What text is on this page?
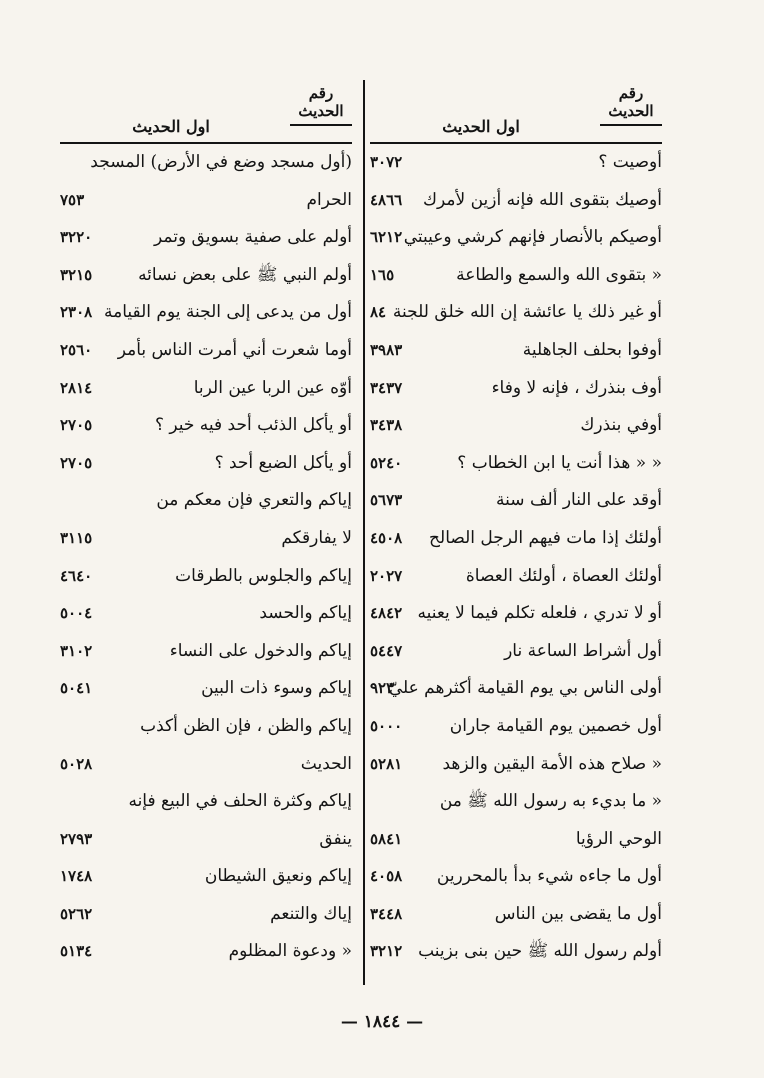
رقم
الحديث
اول الحديث
أوصيت ؟
٣٠٧٢
أوصيك بتقوى الله فإنه أزين لأمرك
٤٨٦٦
أوصيكم بالأنصار فإنهم كرشي وعيبتي
٦٢١٢
« بتقوى الله والسمع والطاعة
١٦٥
أو غير ذلك يا عائشة إن الله خلق للجنة
٨٤
أوفوا بحلف الجاهلية
٣٩٨٣
أوف بنذرك ، فإنه لا وفاء
٣٤٣٧
أوفي بنذرك
٣٤٣٨
« « هذا أنت يا ابن الخطاب ؟
٥٢٤٠
أوقد على النار ألف سنة
٥٦٧٣
أولئك إذا مات فيهم الرجل الصالح
٤٥٠٨
أولئك العصاة ، أولئك العصاة
٢٠٢٧
أو لا تدري ، فلعله تكلم فيما لا يعنيه
٤٨٤٢
أول أشراط الساعة نار
٥٤٤٧
أولى الناس بي يوم القيامة أكثرهم عليّ
٩٢٣
أول خصمين يوم القيامة جاران
٥٠٠٠
« صلاح هذه الأمة اليقين والزهد
٥٢٨١
« ما بديء به رسول الله ﷺ من
الوحي الرؤيا
٥٨٤١
أول ما جاءه شيء بدأ بالمحررين
٤٠٥٨
أول ما يقضى بين الناس
٣٤٤٨
أولم رسول الله ﷺ حين بنى بزينب
٣٢١٢
رقم
الحديث
اول الحديث
(أول مسجد وضع في الأرض) المسجد
الحرام
٧٥٣
أولم على صفية بسويق وتمر
٣٢٢٠
أولم النبي ﷺ على بعض نسائه
٣٢١٥
أول من يدعى إلى الجنة يوم القيامة
٢٣٠٨
أوما شعرت أني أمرت الناس بأمر
٢٥٦٠
أوّه عين الربا عين الربا
٢٨١٤
أو يأكل الذئب أحد فيه خير ؟
٢٧٠٥
أو يأكل الضبع أحد ؟
٢٧٠٥
إياكم والتعري فإن معكم من
لا يفارقكم
٣١١٥
إياكم والجلوس بالطرقات
٤٦٤٠
إياكم والحسد
٥٠٠٤
إياكم والدخول على النساء
٣١٠٢
إياكم وسوء ذات البين
٥٠٤١
إياكم والظن ، فإن الظن أكذب
الحديث
٥٠٢٨
إياكم وكثرة الحلف في البيع فإنه
ينفق
٢٧٩٣
إياكم ونعيق الشيطان
١٧٤٨
إياك والتنعم
٥٢٦٢
« ودعوة المظلوم
٥١٣٤
— ١٨٤٤ —
